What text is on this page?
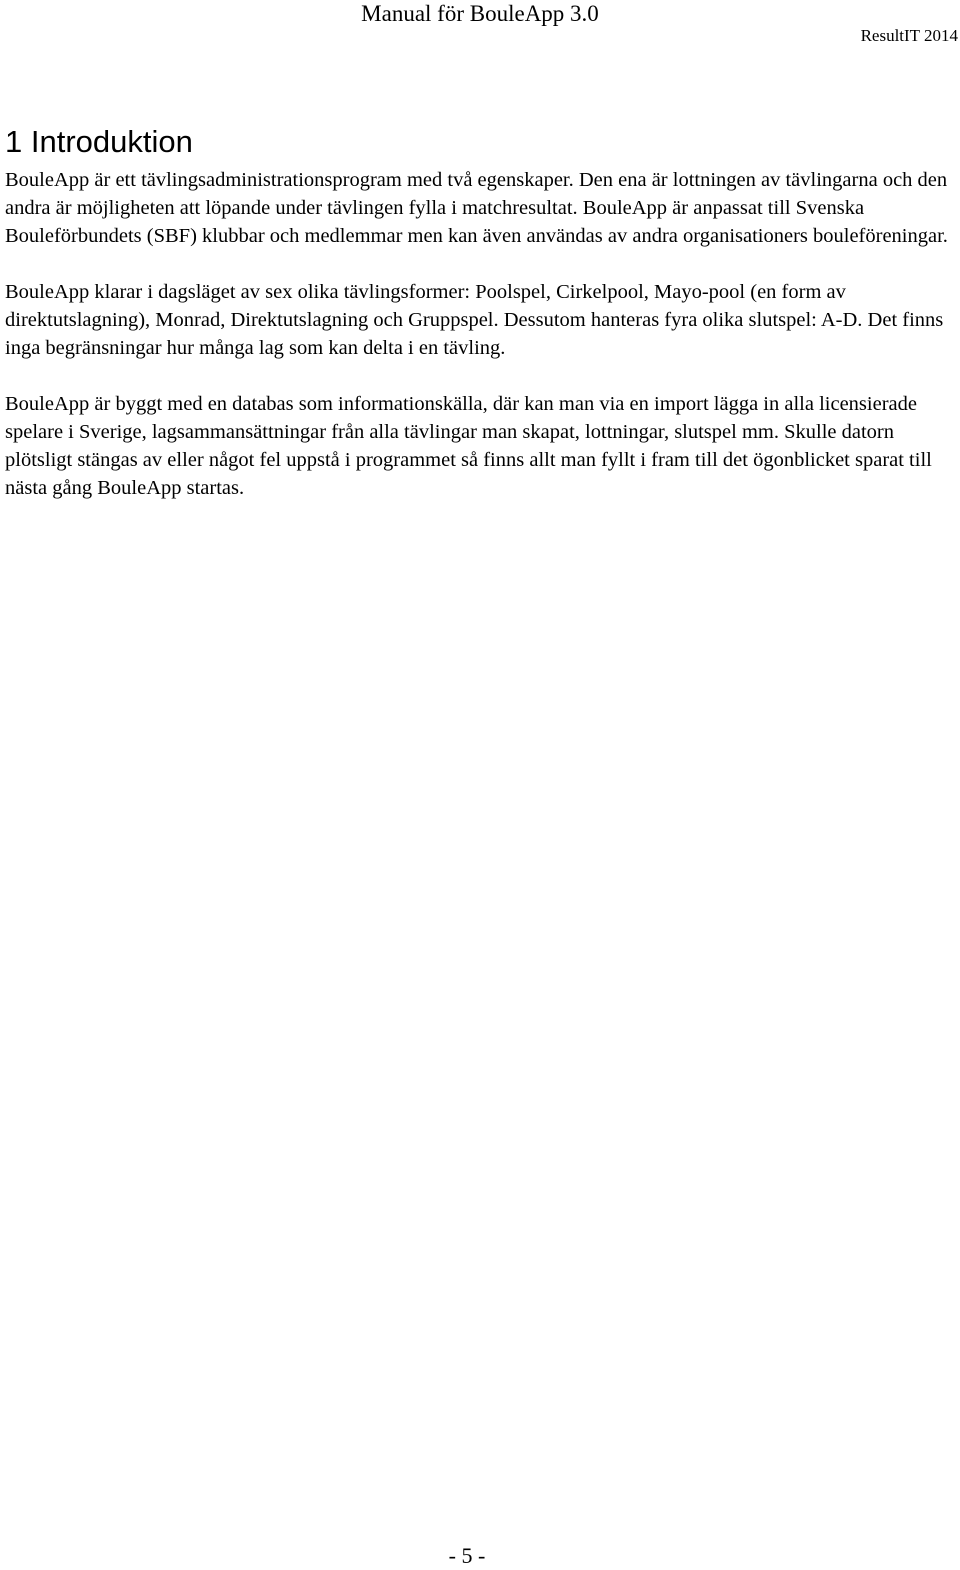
Manual för BouleApp 3.0
ResultIT 2014
1 Introduktion

BouleApp är ett tävlingsadministrationsprogram med två egenskaper. Den ena är lottningen av tävlingarna och den andra är möjligheten att löpande under tävlingen fylla i matchresultat. BouleApp är anpassat till Svenska Bouleförbundets (SBF) klubbar och medlemmar men kan även användas av andra organisationers bouleföreningar.

BouleApp klarar i dagsläget av sex olika tävlingsformer: Poolspel, Cirkelpool, Mayo-pool (en form av direktutslagning), Monrad, Direktutslagning och Gruppspel. Dessutom hanteras fyra olika slutspel: A-D. Det finns inga begränsningar hur många lag som kan delta i en tävling.

BouleApp är byggt med en databas som informationskälla, där kan man via en import lägga in alla licensierade spelare i Sverige, lagsammansättningar från alla tävlingar man skapat, lottningar, slutspel mm. Skulle datorn plötsligt stängas av eller något fel uppstå i programmet så finns allt man fyllt i fram till det ögonblicket sparat till nästa gång BouleApp startas.

- 5 -
